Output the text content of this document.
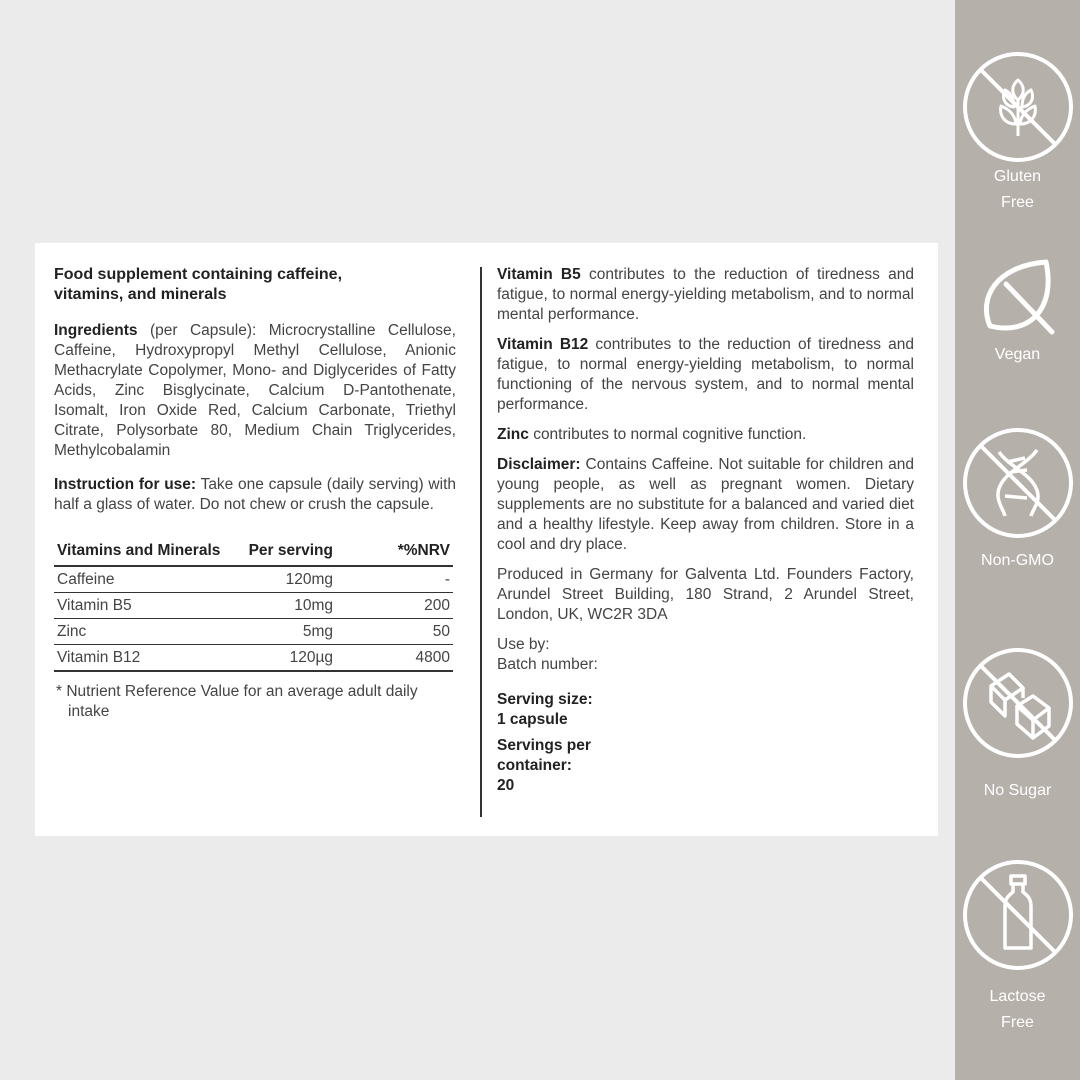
Food supplement containing caffeine,
vitamins, and minerals

Ingredients (per Capsule): Microcrystalline Cellulose, Caffeine, Hydroxypropyl Methyl Cellulose, Anionic Methacrylate Copolymer, Mono- and Diglycerides of Fatty Acids, Zinc Bisglycinate, Calcium D-Pantothenate, Isomalt, Iron Oxide Red, Calcium Carbonate, Triethyl Citrate, Polysorbate 80, Medium Chain Triglycerides, Methylcobalamin

Instruction for use: Take one capsule (daily serving) with half a glass of water. Do not chew or crush the capsule.

Vitamins and Minerals	Per serving	*%NRV
Caffeine	120mg	-
Vitamin B5	10mg	200
Zinc	5mg	50
Vitamin B12	120µg	4800
* Nutrient Reference Value for an average adult daily intake

Vitamin B5 contributes to the reduction of tiredness and fatigue, to normal energy-yielding metabolism, and to normal mental performance.

Vitamin B12 contributes to the reduction of tiredness and fatigue, to normal energy-yielding metabolism, to normal functioning of the nervous system, and to normal mental performance.

Zinc contributes to normal cognitive function.

Disclaimer: Contains Caffeine. Not suitable for children and young people, as well as pregnant women. Dietary supplements are no substitute for a balanced and varied diet and a healthy lifestyle. Keep away from children. Store in a cool and dry place.

Produced in Germany for Galventa Ltd. Founders Factory, Arundel Street Building, 180 Strand, 2 Arundel Street, London, UK, WC2R 3DA

Use by:
Batch number:
Serving size:
1 capsule
Servings per
container:
20
Gluten
Free
Vegan
Non-GMO
No Sugar
Lactose
Free
